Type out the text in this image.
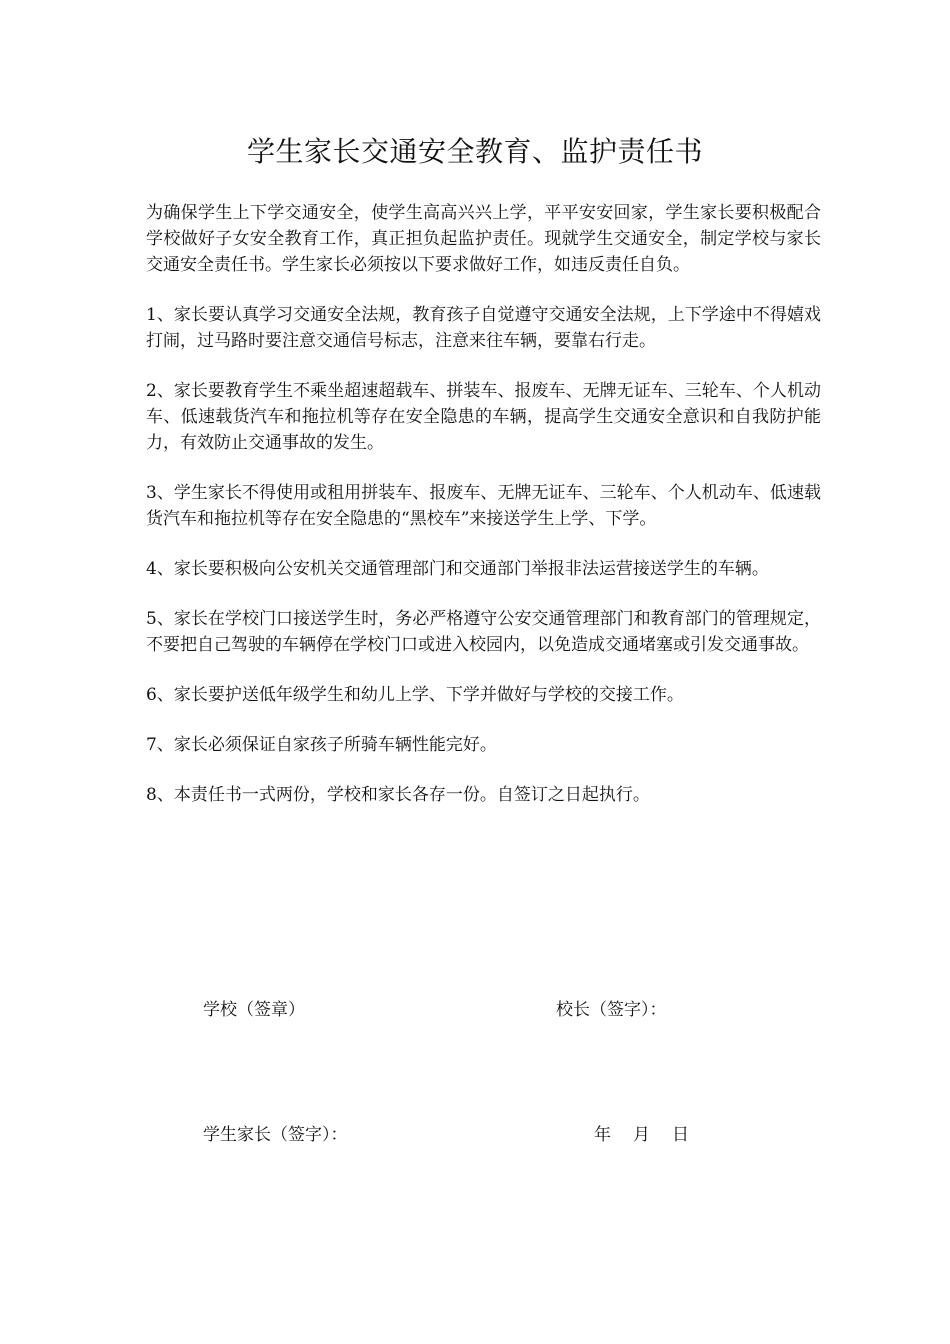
学生家长交通安全教育、监护责任书

为确保学生上下学交通安全，使学生高高兴兴上学，平平安安回家，学生家长要积极配合学校做好子女安全教育工作，真正担负起监护责任。现就学生交通安全，制定学校与家长交通安全责任书。学生家长必须按以下要求做好工作，如违反责任自负。

1、家长要认真学习交通安全法规，教育孩子自觉遵守交通安全法规，上下学途中不得嬉戏打闹，过马路时要注意交通信号标志，注意来往车辆，要靠右行走。

2、家长要教育学生不乘坐超速超载车、拼装车、报废车、无牌无证车、三轮车、个人机动车、低速载货汽车和拖拉机等存在安全隐患的车辆，提高学生交通安全意识和自我防护能力，有效防止交通事故的发生。

3、学生家长不得使用或租用拼装车、报废车、无牌无证车、三轮车、个人机动车、低速载货汽车和拖拉机等存在安全隐患的“黑校车”来接送学生上学、下学。

4、家长要积极向公安机关交通管理部门和交通部门举报非法运营接送学生的车辆。

5、家长在学校门口接送学生时，务必严格遵守公安交通管理部门和教育部门的管理规定，不要把自己驾驶的车辆停在学校门口或进入校园内，以免造成交通堵塞或引发交通事故。

6、家长要护送低年级学生和幼儿上学、下学并做好与学校的交接工作。

7、家长必须保证自家孩子所骑车辆性能完好。

8、本责任书一式两份，学校和家长各存一份。自签订之日起执行。

学校（签章）	校长（签字）：
学生家长（签字）：	年 月 日
